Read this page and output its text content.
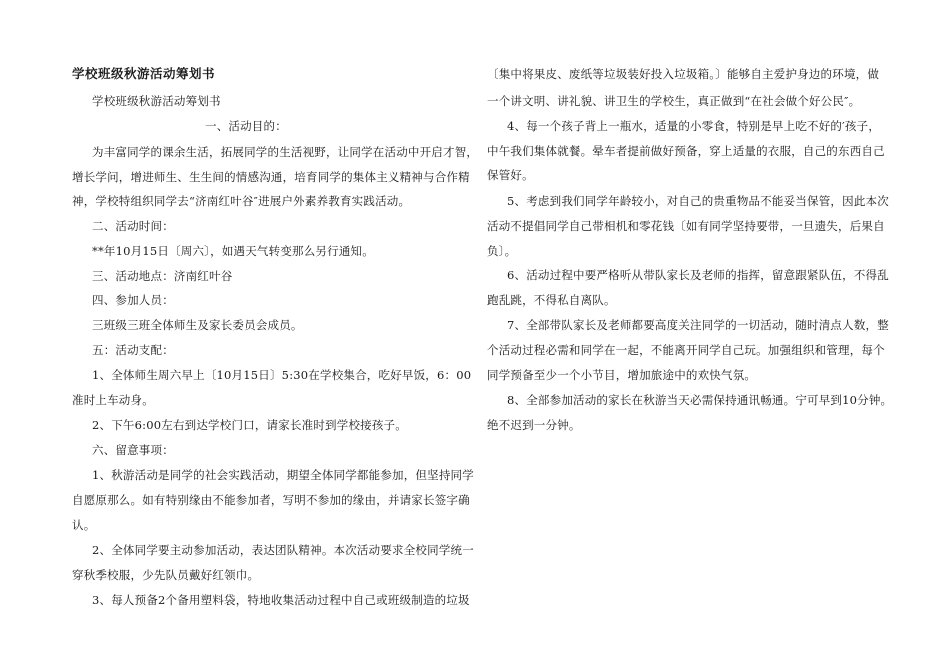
学校班级秋游活动筹划书
学校班级秋游活动筹划书
一、活动目的：
为丰富同学的课余生活，拓展同学的生活视野，让同学在活动中开启才智，
增长学问，增进师生、生生间的情感沟通，培育同学的集体主义精神与合作精
神，学校特组织同学去“济南红叶谷″进展户外素养教育实践活动。
二、活动时间：
**年10月15日〔周六〕，如遇天气转变那么另行通知。
三、活动地点：济南红叶谷
四、参加人员：
三班级三班全体师生及家长委员会成员。
五：活动支配：
1、全体师生周六早上〔10月15日〕5:30在学校集合，吃好早饭，6：00
准时上车动身。
2、下午6:00左右到达学校门口，请家长准时到学校接孩子。
六、留意事项：
1、秋游活动是同学的社会实践活动，期望全体同学都能参加，但坚持同学
自愿原那么。如有特别缘由不能参加者，写明不参加的缘由，并请家长签字确
认。
2、全体同学要主动参加活动，表达团队精神。本次活动要求全校同学统一
穿秋季校服，少先队员戴好红领巾。
3、每人预备2个备用塑料袋，特地收集活动过程中自己或班级制造的垃圾
〔集中将果皮、废纸等垃圾装好投入垃圾箱。〕能够自主爱护身边的环境，做
一个讲文明、讲礼貌、讲卫生的学校生，真正做到“在社会做个好公民″。
4、每一个孩子背上一瓶水，适量的小零食，特别是早上吃不好的′孩子，
中午我们集体就餐。晕车者提前做好预备，穿上适量的衣服，自己的东西自己
保管好。
5、考虑到我们同学年龄较小，对自己的贵重物品不能妥当保管，因此本次
活动不提倡同学自己带相机和零花钱〔如有同学坚持要带，一旦遗失，后果自
负〕。
6、活动过程中要严格听从带队家长及老师的指挥，留意跟紧队伍，不得乱
跑乱跳，不得私自离队。
7、全部带队家长及老师都要高度关注同学的一切活动，随时清点人数，整
个活动过程必需和同学在一起，不能离开同学自己玩。加强组织和管理，每个
同学预备至少一个小节目，增加旅途中的欢快气氛。
8、全部参加活动的家长在秋游当天必需保持通讯畅通。宁可早到10分钟。
绝不迟到一分钟。
